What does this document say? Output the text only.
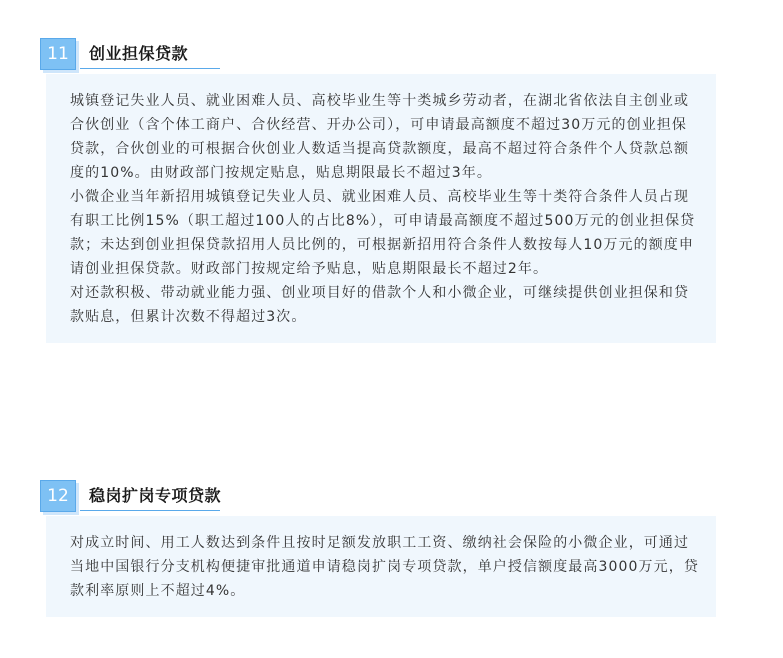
11	创业担保贷款

城镇登记失业人员、就业困难人员、高校毕业生等十类城乡劳动者，在湖北省依法自主创业或合伙创业（含个体工商户、合伙经营、开办公司），可申请最高额度不超过30万元的创业担保贷款，合伙创业的可根据合伙创业人数适当提高贷款额度，最高不超过符合条件个人贷款总额度的10%。由财政部门按规定贴息，贴息期限最长不超过3年。

小微企业当年新招用城镇登记失业人员、就业困难人员、高校毕业生等十类符合条件人员占现有职工比例15%（职工超过100人的占比8%），可申请最高额度不超过500万元的创业担保贷款；未达到创业担保贷款招用人员比例的，可根据新招用符合条件人数按每人10万元的额度申请创业担保贷款。财政部门按规定给予贴息，贴息期限最长不超过2年。

对还款积极、带动就业能力强、创业项目好的借款个人和小微企业，可继续提供创业担保和贷款贴息，但累计次数不得超过3次。

12	稳岗扩岗专项贷款

对成立时间、用工人数达到条件且按时足额发放职工工资、缴纳社会保险的小微企业，可通过当地中国银行分支机构便捷审批通道申请稳岗扩岗专项贷款，单户授信额度最高3000万元，贷款利率原则上不超过4%。
